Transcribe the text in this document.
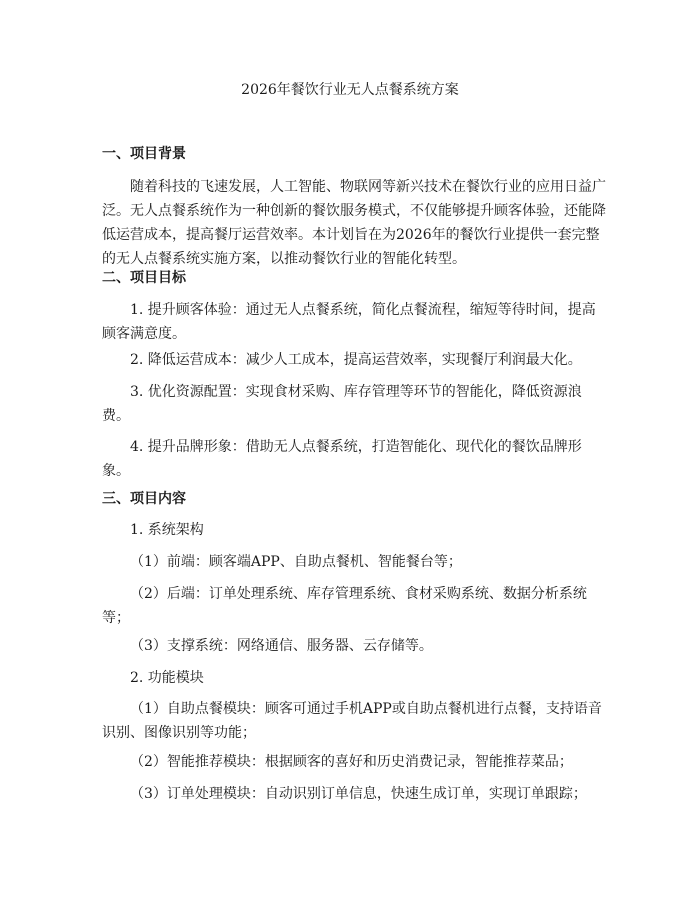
2026年餐饮行业无人点餐系统方案
一、项目背景
随着科技的飞速发展，人工智能、物联网等新兴技术在餐饮行业的应用日益广
泛。无人点餐系统作为一种创新的餐饮服务模式，不仅能够提升顾客体验，还能降
低运营成本，提高餐厅运营效率。本计划旨在为2026年的餐饮行业提供一套完整
的无人点餐系统实施方案，以推动餐饮行业的智能化转型。
二、项目目标
1. 提升顾客体验：通过无人点餐系统，简化点餐流程，缩短等待时间，提高
顾客满意度。
2. 降低运营成本：减少人工成本，提高运营效率，实现餐厅利润最大化。
3. 优化资源配置：实现食材采购、库存管理等环节的智能化，降低资源浪
费。
4. 提升品牌形象：借助无人点餐系统，打造智能化、现代化的餐饮品牌形
象。
三、项目内容
1. 系统架构
（1）前端：顾客端APP、自助点餐机、智能餐台等；
（2）后端：订单处理系统、库存管理系统、食材采购系统、数据分析系统
等；
（3）支撑系统：网络通信、服务器、云存储等。
2. 功能模块
（1）自助点餐模块：顾客可通过手机APP或自助点餐机进行点餐，支持语音
识别、图像识别等功能；
（2）智能推荐模块：根据顾客的喜好和历史消费记录，智能推荐菜品；
（3）订单处理模块：自动识别订单信息，快速生成订单，实现订单跟踪；
